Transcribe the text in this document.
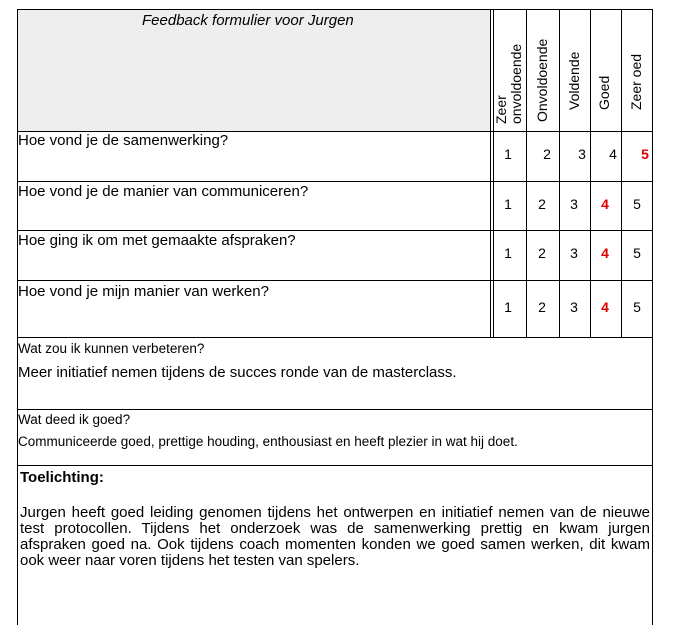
Feedback formulier voor Jurgen
Zeer onvoldoende Onvoldoende Voldende Goed Zeer oed
Hoe vond je de samenwerking?
1 2 3 4 5
Hoe vond je de manier van communiceren?
1 2 3 4 5
Hoe ging ik om met gemaakte afspraken?
1 2 3 4 5
Hoe vond je mijn manier van werken?
1 2 3 4 5
Wat zou ik kunnen verbeteren?
Meer initiatief nemen tijdens de succes ronde van de masterclass.
Wat deed ik goed?
Communiceerde goed, prettige houding, enthousiast en heeft plezier in wat hij doet.
Toelichting:
Jurgen heeft goed leiding genomen tijdens het ontwerpen en initiatief nemen van de nieuwe test protocollen. Tijdens het onderzoek was de samenwerking prettig en kwam jurgen afspraken goed na. Ook tijdens coach momenten konden we goed samen werken, dit kwam ook weer naar voren tijdens het testen van spelers.
